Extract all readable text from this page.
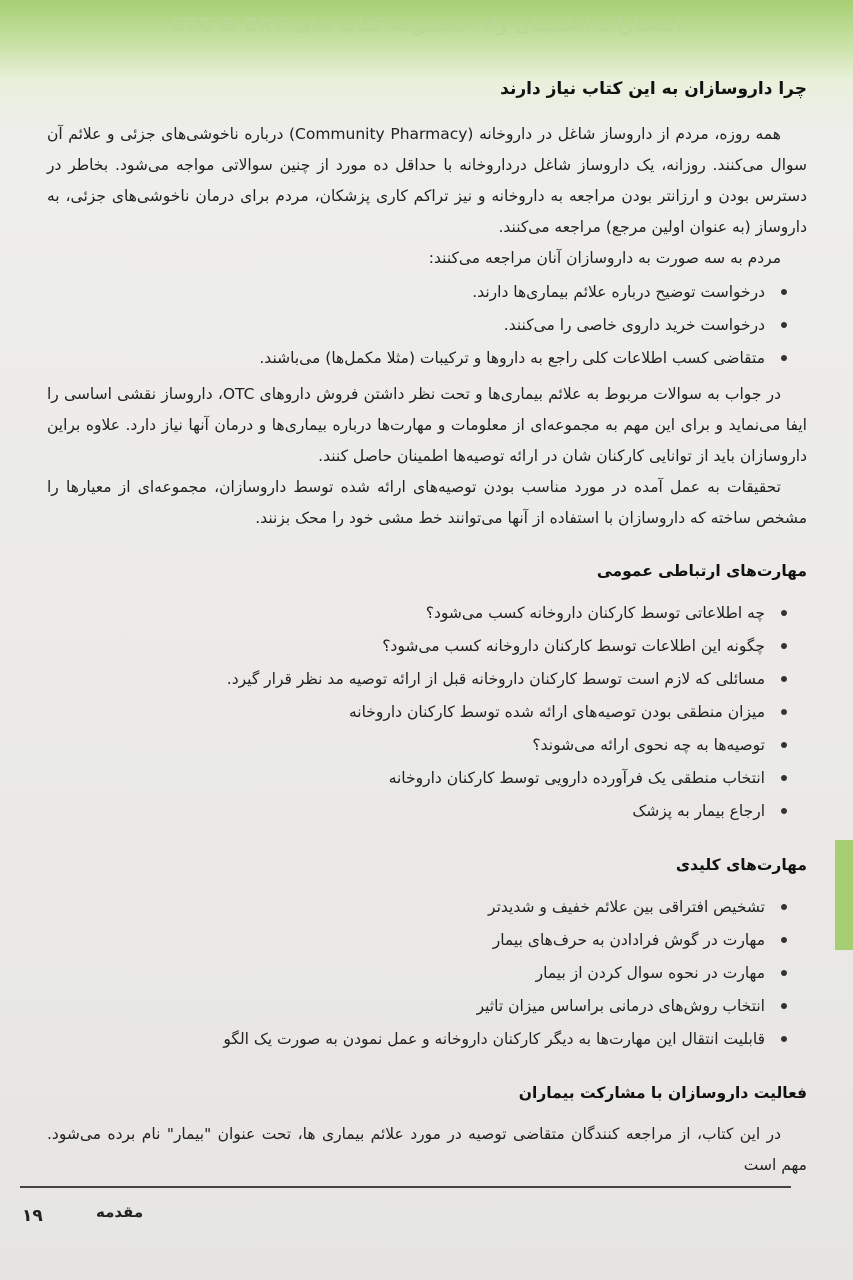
انتشارات اطمینان راد –مجموعه کتاب های ETC & ERC
چرا داروسازان به این کتاب نیاز دارند

همه روزه، مردم از داروساز شاغل در داروخانه (Community Pharmacy) درباره ناخوشی‌های جزئی و علائم آن سوال می‌کنند. روزانه، یک داروساز شاغل درداروخانه با حداقل ده مورد از چنین سوالاتی مواجه می‌شود. بخاطر در دسترس بودن و ارزانتر بودن مراجعه به داروخانه و نیز تراکم کاری پزشکان، مردم برای درمان ناخوشی‌های جزئی، به داروساز (به عنوان اولین مرجع) مراجعه می‌کنند.

مردم به سه صورت به داروسازان آنان مراجعه می‌کنند:

درخواست توضیح درباره علائم بیماری‌ها دارند.
درخواست خرید داروی خاصی را می‌کنند.
متقاضی کسب اطلاعات کلی راجع به داروها و ترکیبات (مثلا مکمل‌ها) می‌باشند.

در جواب به سوالات مربوط به علائم بیماری‌ها و تحت نظر داشتن فروش داروهای OTC، داروساز نقشی اساسی را ایفا می‌نماید و برای این مهم به مجموعه‌ای از معلومات و مهارت‌ها درباره بیماری‌ها و درمان آنها نیاز دارد. علاوه براین داروسازان باید از توانایی کارکنان شان در ارائه توصیه‌ها اطمینان حاصل کنند.

تحقیقات به عمل آمده در مورد مناسب بودن توصیه‌های ارائه شده توسط داروسازان، مجموعه‌ای از معیارها را مشخص ساخته که داروسازان با استفاده از آنها می‌توانند خط مشی خود را محک بزنند.

مهارت‌های ارتباطی عمومی
چه اطلاعاتی توسط کارکنان داروخانه کسب می‌شود؟
چگونه این اطلاعات توسط کارکنان داروخانه کسب می‌شود؟
مسائلی که لازم است توسط کارکنان داروخانه قبل از ارائه توصیه مد نظر قرار گیرد.
میزان منطقی بودن توصیه‌های ارائه شده توسط کارکنان داروخانه
توصیه‌ها به چه نحوی ارائه می‌شوند؟
انتخاب منطقی یک فرآورده دارویی توسط کارکنان داروخانه
ارجاع بیمار به پزشک
مهارت‌های کلیدی
تشخیص افتراقی بین علائم خفیف و شدیدتر
مهارت در گوش فرادادن به حرف‌های بیمار
مهارت در نحوه سوال کردن از بیمار
انتخاب روش‌های درمانی براساس میزان تاثیر
قابلیت انتقال این مهارت‌ها به دیگر کارکنان داروخانه و عمل نمودن به صورت یک الگو
فعالیت داروسازان با مشارکت بیماران

در این کتاب، از مراجعه کنندگان متقاضی توصیه در مورد علائم بیماری ها، تحت عنوان "بیمار" نام برده می‌شود. مهم است

مقدمه
۱۹
